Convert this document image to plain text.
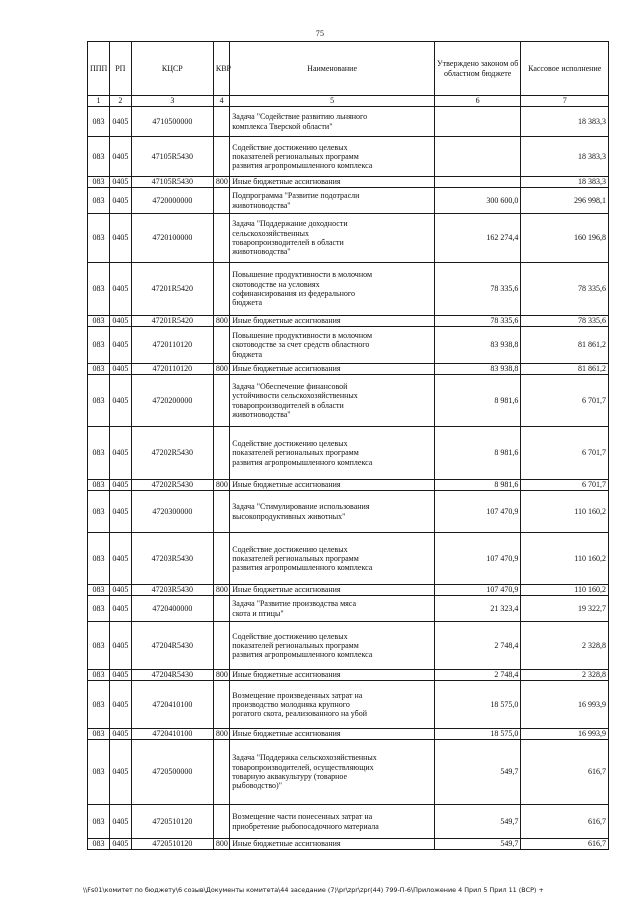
75
ППП	РП	КЦСР	КВР	Наименование	Утверждено законом об областном бюджете	Кассовое исполнение
1	2	3	4	5	6	7
083	0405	4710500000		Задача "Содействие развитию льняного
комплекса Тверской области"		18 383,3
083	0405	47105R5430		Содействие достижению целевых
показателей региональных программ
развития агропромышленного комплекса		18 383,3
083	0405	47105R5430	800	Иные бюджетные ассигнования		18 383,3
083	0405	4720000000		Подпрограмма "Развитие подотрасли
животноводства"	300 600,0	296 998,1
083	0405	4720100000		Задача "Поддержание доходности
сельскохозяйственных
товаропроизводителей в области
животноводства"	162 274,4	160 196,8
083	0405	47201R5420		Повышение продуктивности в молочном
скотоводстве на условиях
софинансирования из федерального
бюджета	78 335,6	78 335,6
083	0405	47201R5420	800	Иные бюджетные ассигнования	78 335,6	78 335,6
083	0405	4720110120		Повышение продуктивности в молочном
скотоводстве за счет средств областного
бюджета	83 938,8	81 861,2
083	0405	4720110120	800	Иные бюджетные ассигнования	83 938,8	81 861,2
083	0405	4720200000		Задача "Обеспечение финансовой
устойчивости сельскохозяйственных
товаропроизводителей в области
животноводства"	8 981,6	6 701,7
083	0405	47202R5430		Содействие достижению целевых
показателей региональных программ
развития агропромышленного комплекса	8 981,6	6 701,7
083	0405	47202R5430	800	Иные бюджетные ассигнования	8 981,6	6 701,7
083	0405	4720300000		Задача "Стимулирование использования
высокопродуктивных животных"	107 470,9	110 160,2
083	0405	47203R5430		Содействие достижению целевых
показателей региональных программ
развития агропромышленного комплекса	107 470,9	110 160,2
083	0405	47203R5430	800	Иные бюджетные ассигнования	107 470,9	110 160,2
083	0405	4720400000		Задача "Развитие производства мяса
скота и птицы"	21 323,4	19 322,7
083	0405	47204R5430		Содействие достижению целевых
показателей региональных программ
развития агропромышленного комплекса	2 748,4	2 328,8
083	0405	47204R5430	800	Иные бюджетные ассигнования	2 748,4	2 328,8
083	0405	4720410100		Возмещение произведенных затрат на
производство молодняка крупного
рогатого скота, реализованного на убой	18 575,0	16 993,9
083	0405	4720410100	800	Иные бюджетные ассигнования	18 575,0	16 993,9
083	0405	4720500000		Задача "Поддержка сельскохозяйственных
товаропроизводителей, осуществляющих
товарную аквакультуру (товарное
рыбоводство)"	549,7	616,7
083	0405	4720510120		Возмещение части понесенных затрат на
приобретение рыбопосадочного материала	549,7	616,7
083	0405	4720510120	800	Иные бюджетные ассигнования	549,7	616,7
\\Fs01\комитет по бюджету\6 созыв\Документы комитета\44 заседание (7)\pr\zpr\zpr(44) 799-П-6\Приложение 4 Прил 5 Прил 11 (ВСР) +
